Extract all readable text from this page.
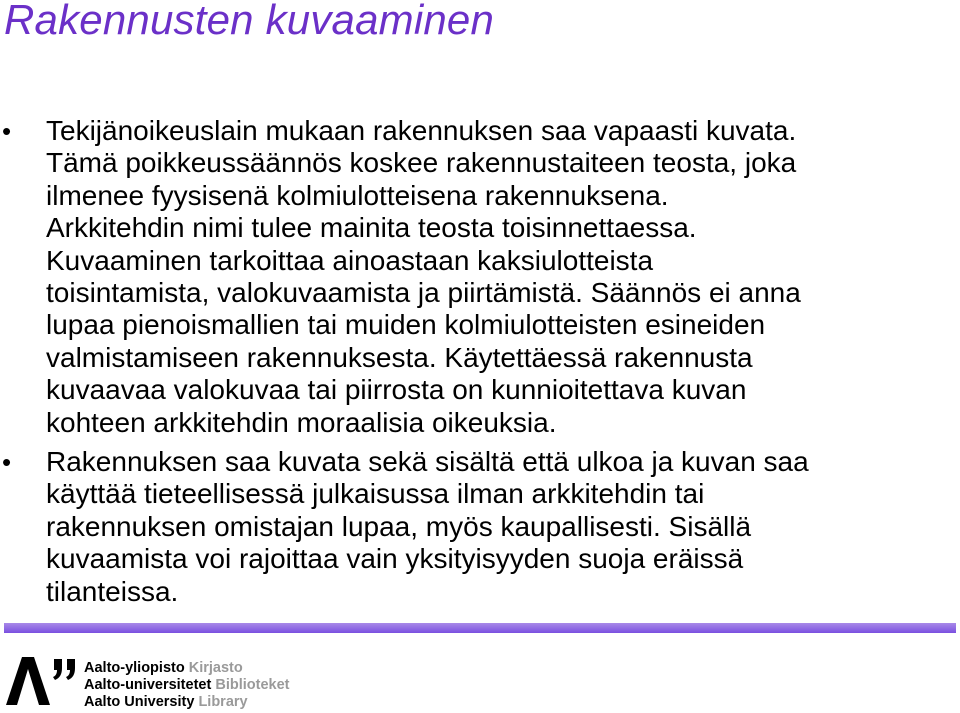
Rakennusten kuvaaminen
• Tekijänoikeuslain mukaan rakennuksen saa vapaasti kuvata.
Tämä poikkeussäännös koskee rakennustaiteen teosta, joka
ilmenee fyysisenä kolmiulotteisena rakennuksena.
Arkkitehdin nimi tulee mainita teosta toisinnettaessa.
Kuvaaminen tarkoittaa ainoastaan kaksiulotteista
toisintamista, valokuvaamista ja piirtämistä. Säännös ei anna
lupaa pienoismallien tai muiden kolmiulotteisten esineiden
valmistamiseen rakennuksesta. Käytettäessä rakennusta
kuvaavaa valokuvaa tai piirrosta on kunnioitettava kuvan
kohteen arkkitehdin moraalisia oikeuksia.
• Rakennuksen saa kuvata sekä sisältä että ulkoa ja kuvan saa
käyttää tieteellisessä julkaisussa ilman arkkitehdin tai
rakennuksen omistajan lupaa, myös kaupallisesti. Sisällä
kuvaamista voi rajoittaa vain yksityisyyden suoja eräissä
tilanteissa.
Aalto-yliopisto Kirjasto
Aalto-universitetet Biblioteket
Aalto University Library
